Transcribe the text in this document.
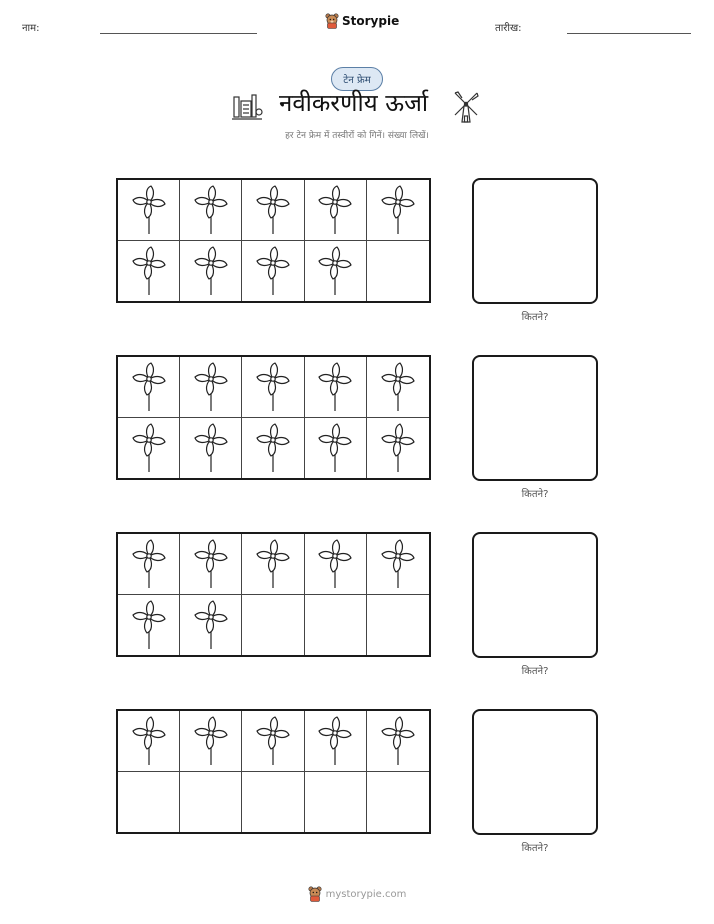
नाम:
Storypie
तारीख:
टेन फ्रेम
नवीकरणीय ऊर्जा
हर टेन फ्रेम में तस्वीरों को गिनें। संख्या लिखें।
कितने?
कितने?
कितने?
कितने?
mystorypie.com
